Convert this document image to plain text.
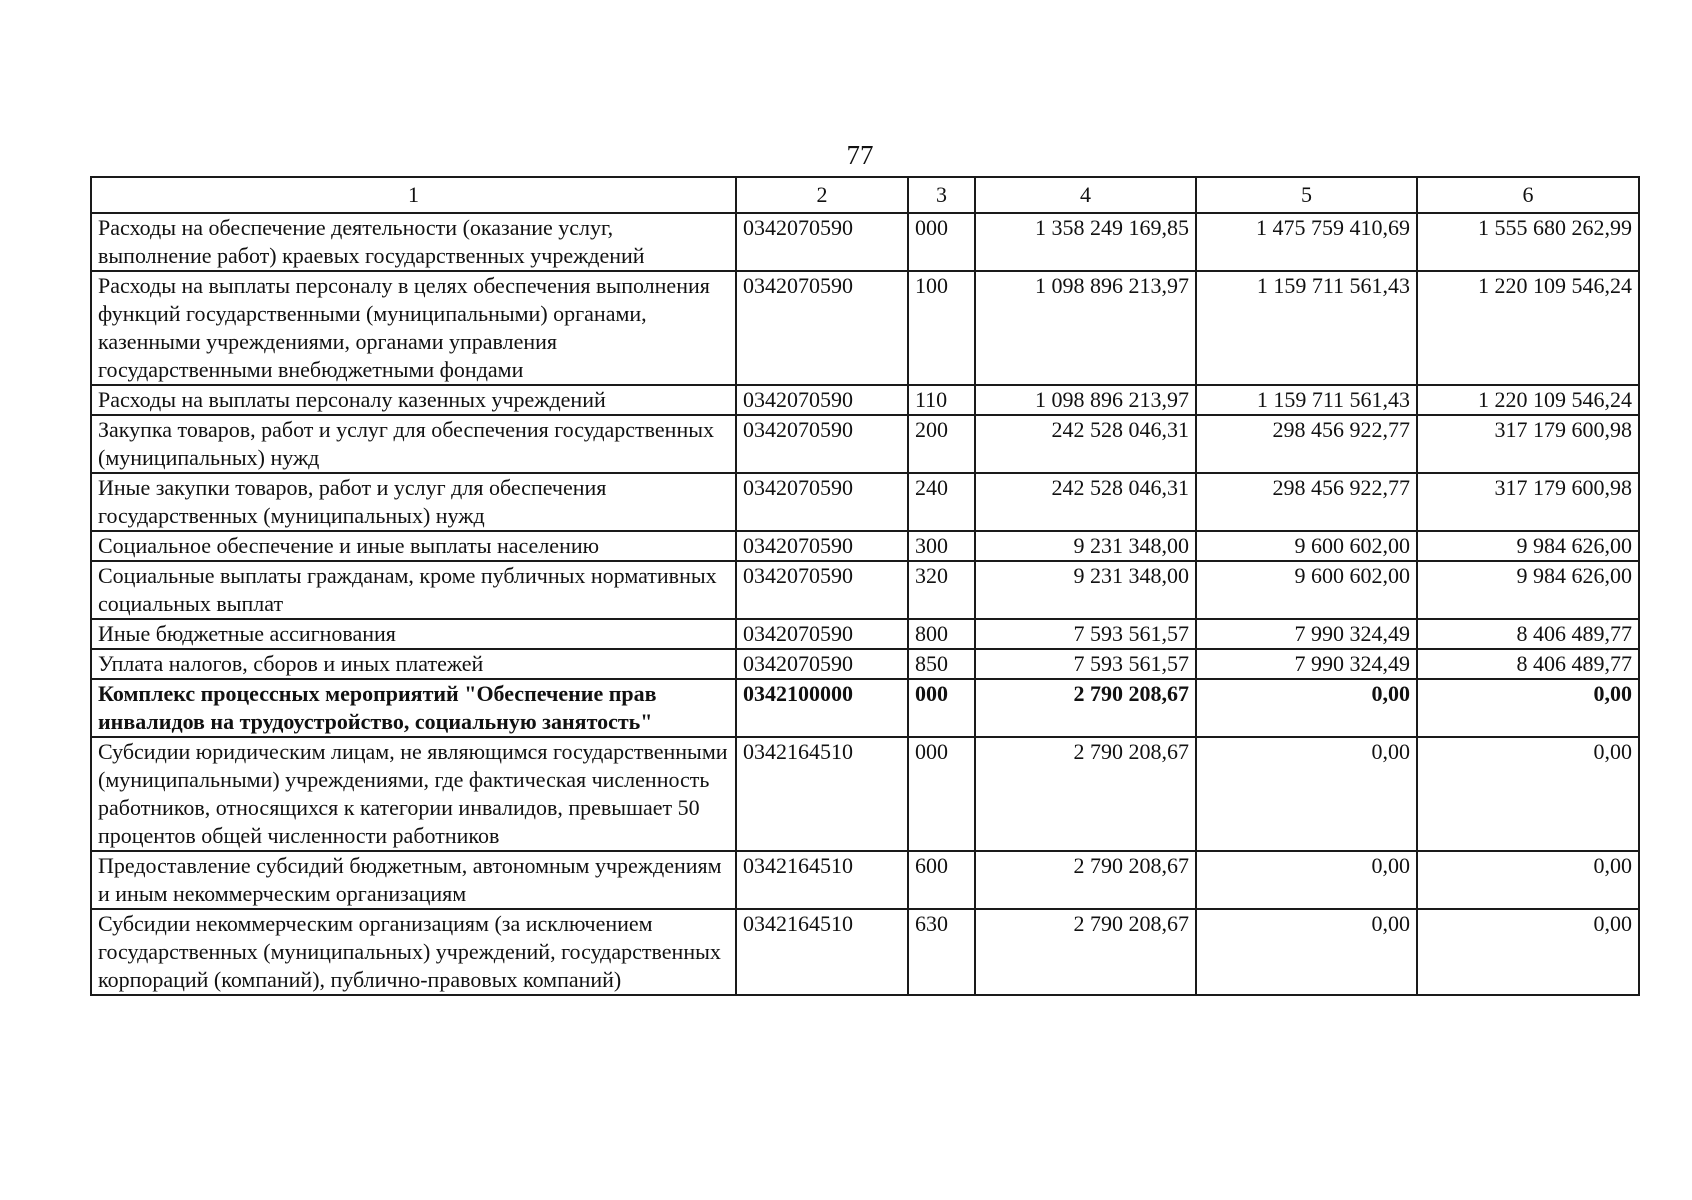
77
1	2	3	4	5	6
Расходы на обеспечение деятельности (оказание услуг, выполнение работ) краевых государственных учреждений	0342070590	000	1 358 249 169,85	1 475 759 410,69	1 555 680 262,99
Расходы на выплаты персоналу в целях обеспечения выполнения функций государственными (муниципальными) органами, казенными учреждениями, органами управления государственными внебюджетными фондами	0342070590	100	1 098 896 213,97	1 159 711 561,43	1 220 109 546,24
Расходы на выплаты персоналу казенных учреждений	0342070590	110	1 098 896 213,97	1 159 711 561,43	1 220 109 546,24
Закупка товаров, работ и услуг для обеспечения государственных (муниципальных) нужд	0342070590	200	242 528 046,31	298 456 922,77	317 179 600,98
Иные закупки товаров, работ и услуг для обеспечения государственных (муниципальных) нужд	0342070590	240	242 528 046,31	298 456 922,77	317 179 600,98
Социальное обеспечение и иные выплаты населению	0342070590	300	9 231 348,00	9 600 602,00	9 984 626,00
Социальные выплаты гражданам, кроме публичных нормативных социальных выплат	0342070590	320	9 231 348,00	9 600 602,00	9 984 626,00
Иные бюджетные ассигнования	0342070590	800	7 593 561,57	7 990 324,49	8 406 489,77
Уплата налогов, сборов и иных платежей	0342070590	850	7 593 561,57	7 990 324,49	8 406 489,77
Комплекс процессных мероприятий "Обеспечение прав инвалидов на трудоустройство, социальную занятость"	0342100000	000	2 790 208,67	0,00	0,00
Субсидии юридическим лицам, не являющимся государственными (муниципальными) учреждениями, где фактическая численность работников, относящихся к категории инвалидов, превышает 50 процентов общей численности работников	0342164510	000	2 790 208,67	0,00	0,00
Предоставление субсидий бюджетным, автономным учреждениям и иным некоммерческим организациям	0342164510	600	2 790 208,67	0,00	0,00
Субсидии некоммерческим организациям (за исключением государственных (муниципальных) учреждений, государственных корпораций (компаний), публично-правовых компаний)	0342164510	630	2 790 208,67	0,00	0,00
